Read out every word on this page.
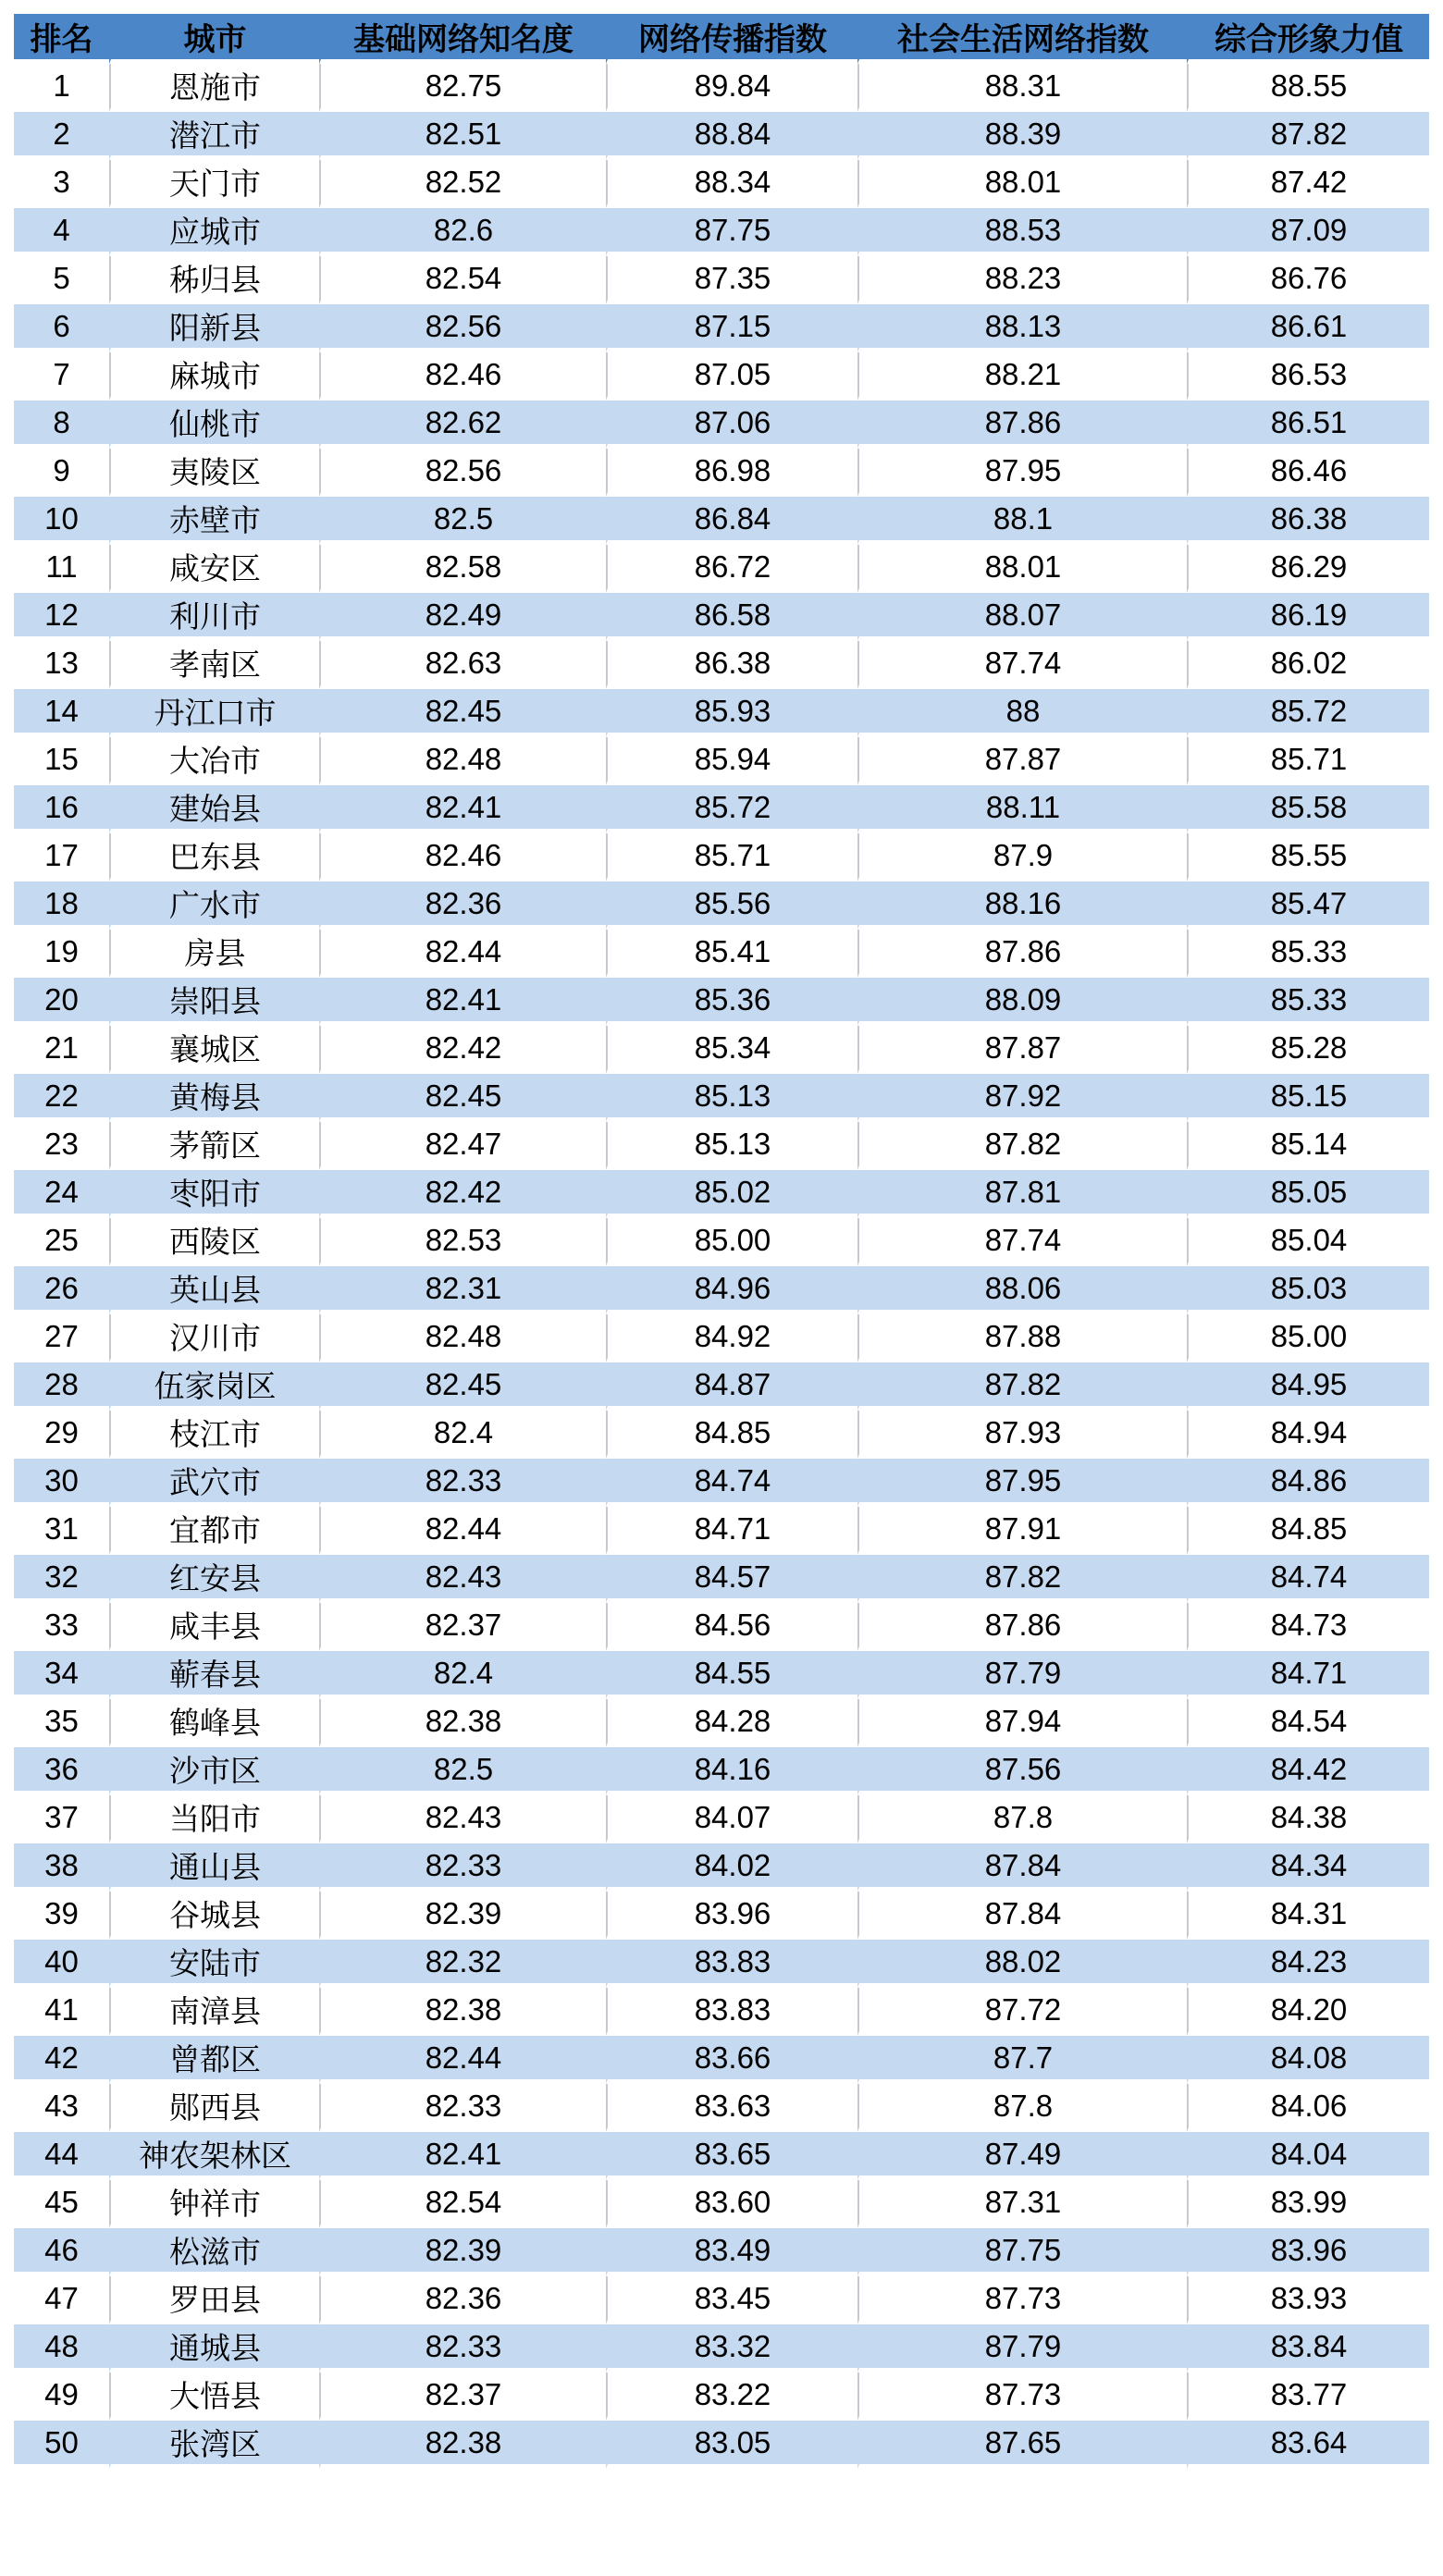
排名	城市	基础网络知名度	网络传播指数	社会生活网络指数	综合形象力值
1	恩施市	82.75	89.84	88.31	88.55
2	潜江市	82.51	88.84	88.39	87.82
3	天门市	82.52	88.34	88.01	87.42
4	应城市	82.6	87.75	88.53	87.09
5	秭归县	82.54	87.35	88.23	86.76
6	阳新县	82.56	87.15	88.13	86.61
7	麻城市	82.46	87.05	88.21	86.53
8	仙桃市	82.62	87.06	87.86	86.51
9	夷陵区	82.56	86.98	87.95	86.46
10	赤壁市	82.5	86.84	88.1	86.38
11	咸安区	82.58	86.72	88.01	86.29
12	利川市	82.49	86.58	88.07	86.19
13	孝南区	82.63	86.38	87.74	86.02
14	丹江口市	82.45	85.93	88	85.72
15	大冶市	82.48	85.94	87.87	85.71
16	建始县	82.41	85.72	88.11	85.58
17	巴东县	82.46	85.71	87.9	85.55
18	广水市	82.36	85.56	88.16	85.47
19	房县	82.44	85.41	87.86	85.33
20	崇阳县	82.41	85.36	88.09	85.33
21	襄城区	82.42	85.34	87.87	85.28
22	黄梅县	82.45	85.13	87.92	85.15
23	茅箭区	82.47	85.13	87.82	85.14
24	枣阳市	82.42	85.02	87.81	85.05
25	西陵区	82.53	85.00	87.74	85.04
26	英山县	82.31	84.96	88.06	85.03
27	汉川市	82.48	84.92	87.88	85.00
28	伍家岗区	82.45	84.87	87.82	84.95
29	枝江市	82.4	84.85	87.93	84.94
30	武穴市	82.33	84.74	87.95	84.86
31	宜都市	82.44	84.71	87.91	84.85
32	红安县	82.43	84.57	87.82	84.74
33	咸丰县	82.37	84.56	87.86	84.73
34	蕲春县	82.4	84.55	87.79	84.71
35	鹤峰县	82.38	84.28	87.94	84.54
36	沙市区	82.5	84.16	87.56	84.42
37	当阳市	82.43	84.07	87.8	84.38
38	通山县	82.33	84.02	87.84	84.34
39	谷城县	82.39	83.96	87.84	84.31
40	安陆市	82.32	83.83	88.02	84.23
41	南漳县	82.38	83.83	87.72	84.20
42	曾都区	82.44	83.66	87.7	84.08
43	郧西县	82.33	83.63	87.8	84.06
44	神农架林区	82.41	83.65	87.49	84.04
45	钟祥市	82.54	83.60	87.31	83.99
46	松滋市	82.39	83.49	87.75	83.96
47	罗田县	82.36	83.45	87.73	83.93
48	通城县	82.33	83.32	87.79	83.84
49	大悟县	82.37	83.22	87.73	83.77
50	张湾区	82.38	83.05	87.65	83.64
